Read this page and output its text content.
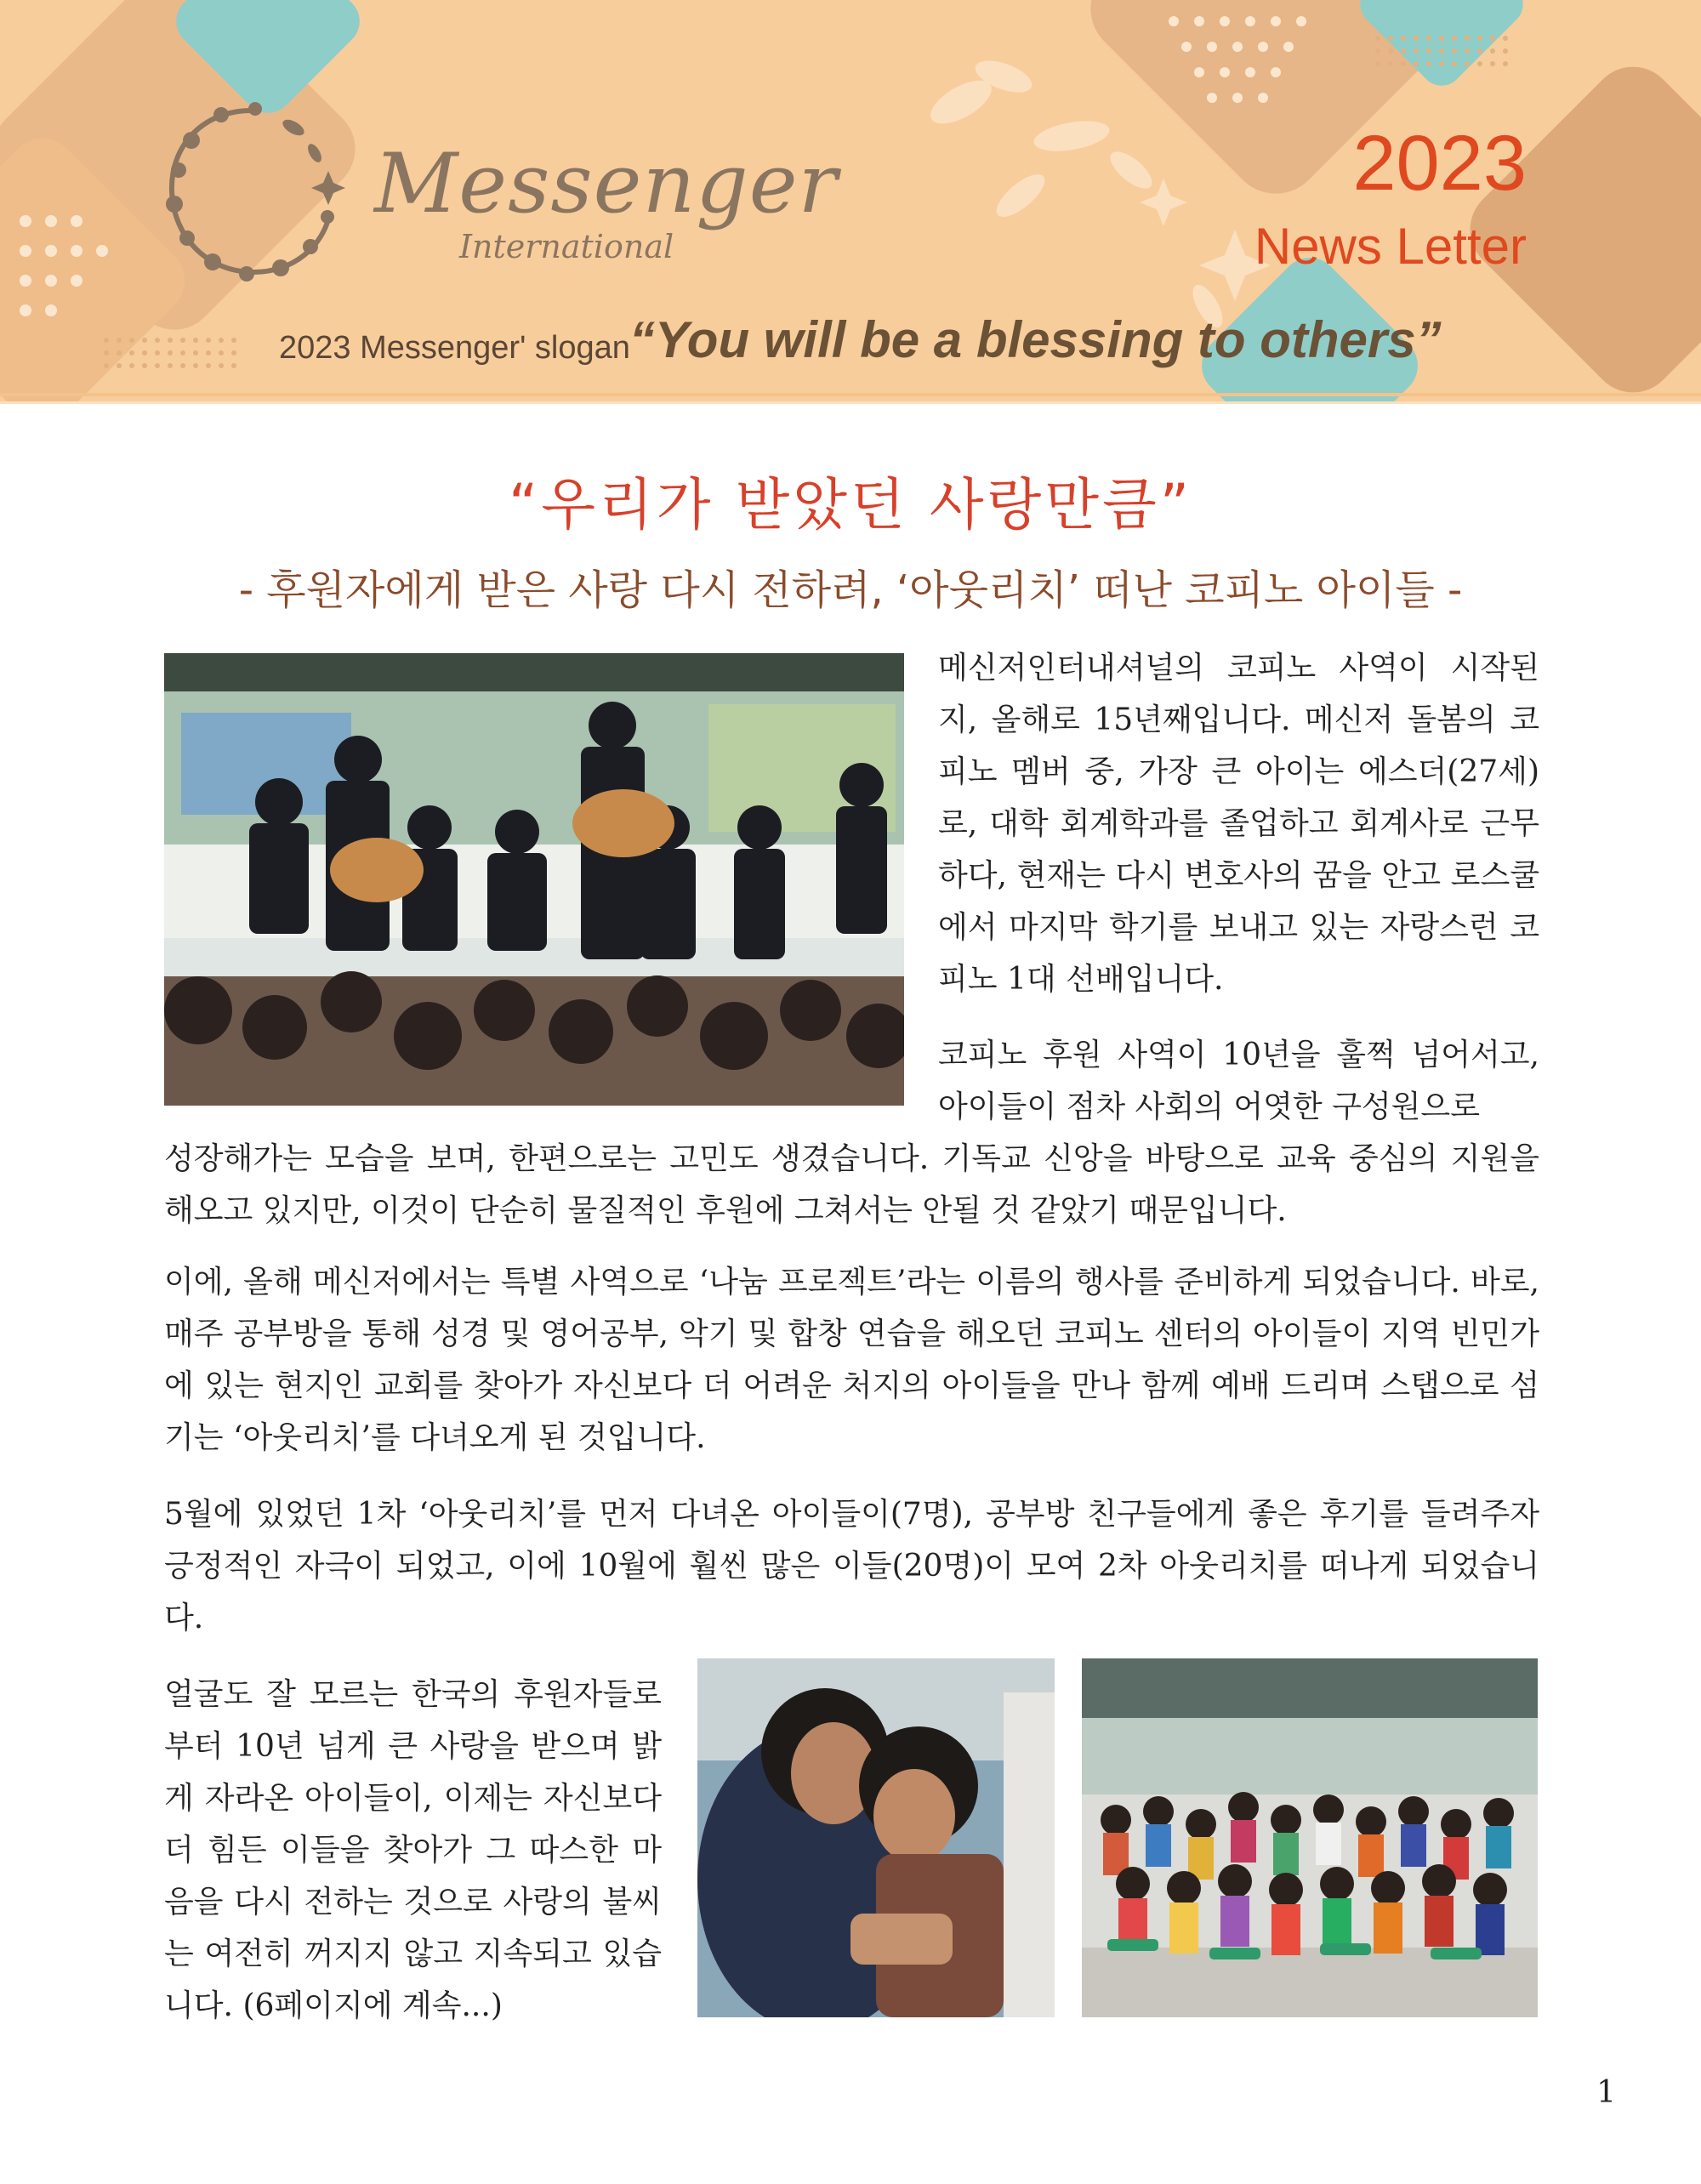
Messenger
International
2023
News Letter
2023 Messenger' slogan “You will be a blessing to others”
“우리가 받았던 사랑만큼”
- 후원자에게 받은 사랑 다시 전하려, ‘아웃리치’ 떠난 코피노 아이들 -

메신저인터내셔널의 코피노 사역이 시작된 지, 올해로 15년째입니다. 메신저 돌봄의 코피노 멤버 중, 가장 큰 아이는 에스더(27세)로, 대학 회계학과를 졸업하고 회계사로 근무하다, 현재는 다시 변호사의 꿈을 안고 로스쿨에서 마지막 학기를 보내고 있는 자랑스런 코피노 1대 선배입니다.

코피노 후원 사역이 10년을 훌쩍 넘어서고, 아이들이 점차 사회의 어엿한 구성원으로

성장해가는 모습을 보며, 한편으로는 고민도 생겼습니다. 기독교 신앙을 바탕으로 교육 중심의 지원을 해오고 있지만, 이것이 단순히 물질적인 후원에 그쳐서는 안될 것 같았기 때문입니다.

이에, 올해 메신저에서는 특별 사역으로 ‘나눔 프로젝트’라는 이름의 행사를 준비하게 되었습니다. 바로, 매주 공부방을 통해 성경 및 영어공부, 악기 및 합창 연습을 해오던 코피노 센터의 아이들이 지역 빈민가에 있는 현지인 교회를 찾아가 자신보다 더 어려운 처지의 아이들을 만나 함께 예배 드리며 스탭으로 섬기는 ‘아웃리치’를 다녀오게 된 것입니다.

5월에 있었던 1차 ‘아웃리치’를 먼저 다녀온 아이들이(7명), 공부방 친구들에게 좋은 후기를 들려주자 긍정적인 자극이 되었고, 이에 10월에 훨씬 많은 이들(20명)이 모여 2차 아웃리치를 떠나게 되었습니다.

얼굴도 잘 모르는 한국의 후원자들로부터 10년 넘게 큰 사랑을 받으며 밝게 자라온 아이들이, 이제는 자신보다 더 힘든 이들을 찾아가 그 따스한 마음을 다시 전하는 것으로 사랑의 불씨는 여전히 꺼지지 않고 지속되고 있습니다. (6페이지에 계속...)

1
